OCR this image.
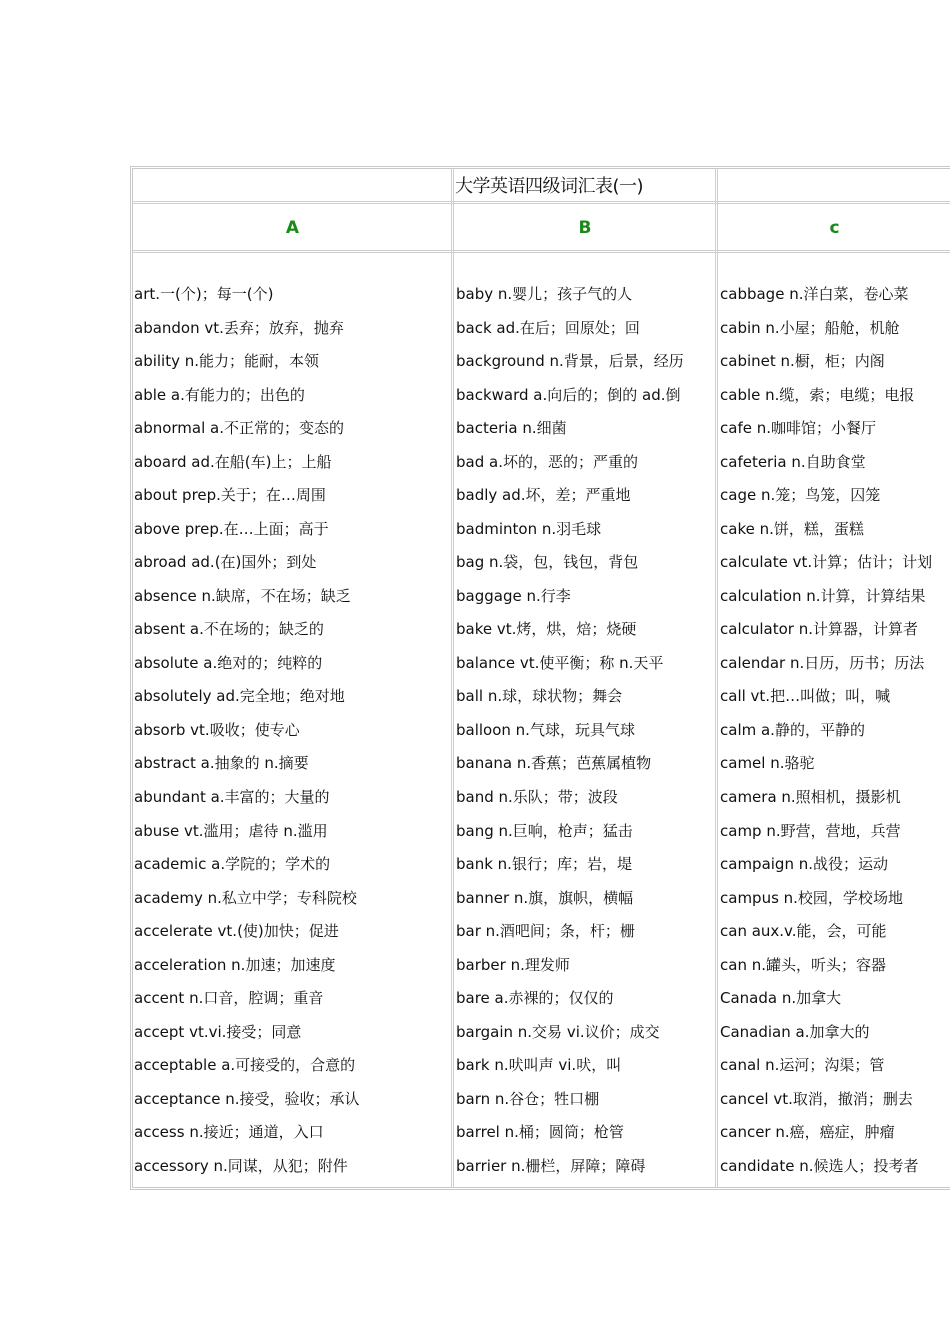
大学英语四级词汇表(一)
A	B	c
art.一(个)；每一(个)
abandon vt.丢弃；放弃，抛弃
ability n.能力；能耐，本领
able a.有能力的；出色的
abnormal a.不正常的；变态的
aboard ad.在船(车)上；上船
about prep.关于；在…周围
above prep.在…上面；高于
abroad ad.(在)国外；到处
absence n.缺席，不在场；缺乏
absent a.不在场的；缺乏的
absolute a.绝对的；纯粹的
absolutely ad.完全地；绝对地
absorb vt.吸收；使专心
abstract a.抽象的 n.摘要
abundant a.丰富的；大量的
abuse vt.滥用；虐待 n.滥用
academic a.学院的；学术的
academy n.私立中学；专科院校
accelerate vt.(使)加快；促进
acceleration n.加速；加速度
accent n.口音，腔调；重音
accept vt.vi.接受；同意
acceptable a.可接受的，合意的
acceptance n.接受，验收；承认
access n.接近；通道，入口
accessory n.同谋，从犯；附件
baby n.婴儿；孩子气的人
back ad.在后；回原处；回
background n.背景，后景，经历
backward a.向后的；倒的 ad.倒
bacteria n.细菌
bad a.坏的，恶的；严重的
badly ad.坏，差；严重地
badminton n.羽毛球
bag n.袋，包，钱包，背包
baggage n.行李
bake vt.烤，烘，焙；烧硬
balance vt.使平衡；称 n.天平
ball n.球，球状物；舞会
balloon n.气球，玩具气球
banana n.香蕉；芭蕉属植物
band n.乐队；带；波段
bang n.巨响，枪声；猛击
bank n.银行；库；岩，堤
banner n.旗，旗帜，横幅
bar n.酒吧间；条，杆；栅
barber n.理发师
bare a.赤裸的；仅仅的
bargain n.交易 vi.议价；成交
bark n.吠叫声 vi.吠，叫
barn n.谷仓；牲口棚
barrel n.桶；圆筒；枪管
barrier n.栅栏，屏障；障碍
cabbage n.洋白菜，卷心菜
cabin n.小屋；船舱，机舱
cabinet n.橱，柜；内阁
cable n.缆，索；电缆；电报
cafe n.咖啡馆；小餐厅
cafeteria n.自助食堂
cage n.笼；鸟笼，囚笼
cake n.饼，糕，蛋糕
calculate vt.计算；估计；计划
calculation n.计算，计算结果
calculator n.计算器，计算者
calendar n.日历，历书；历法
call vt.把…叫做；叫，喊
calm a.静的，平静的
camel n.骆驼
camera n.照相机，摄影机
camp n.野营，营地，兵营
campaign n.战役；运动
campus n.校园，学校场地
can aux.v.能，会，可能
can n.罐头，听头；容器
Canada n.加拿大
Canadian a.加拿大的
canal n.运河；沟渠；管
cancel vt.取消，撤消；删去
cancer n.癌，癌症，肿瘤
candidate n.候选人；投考者
